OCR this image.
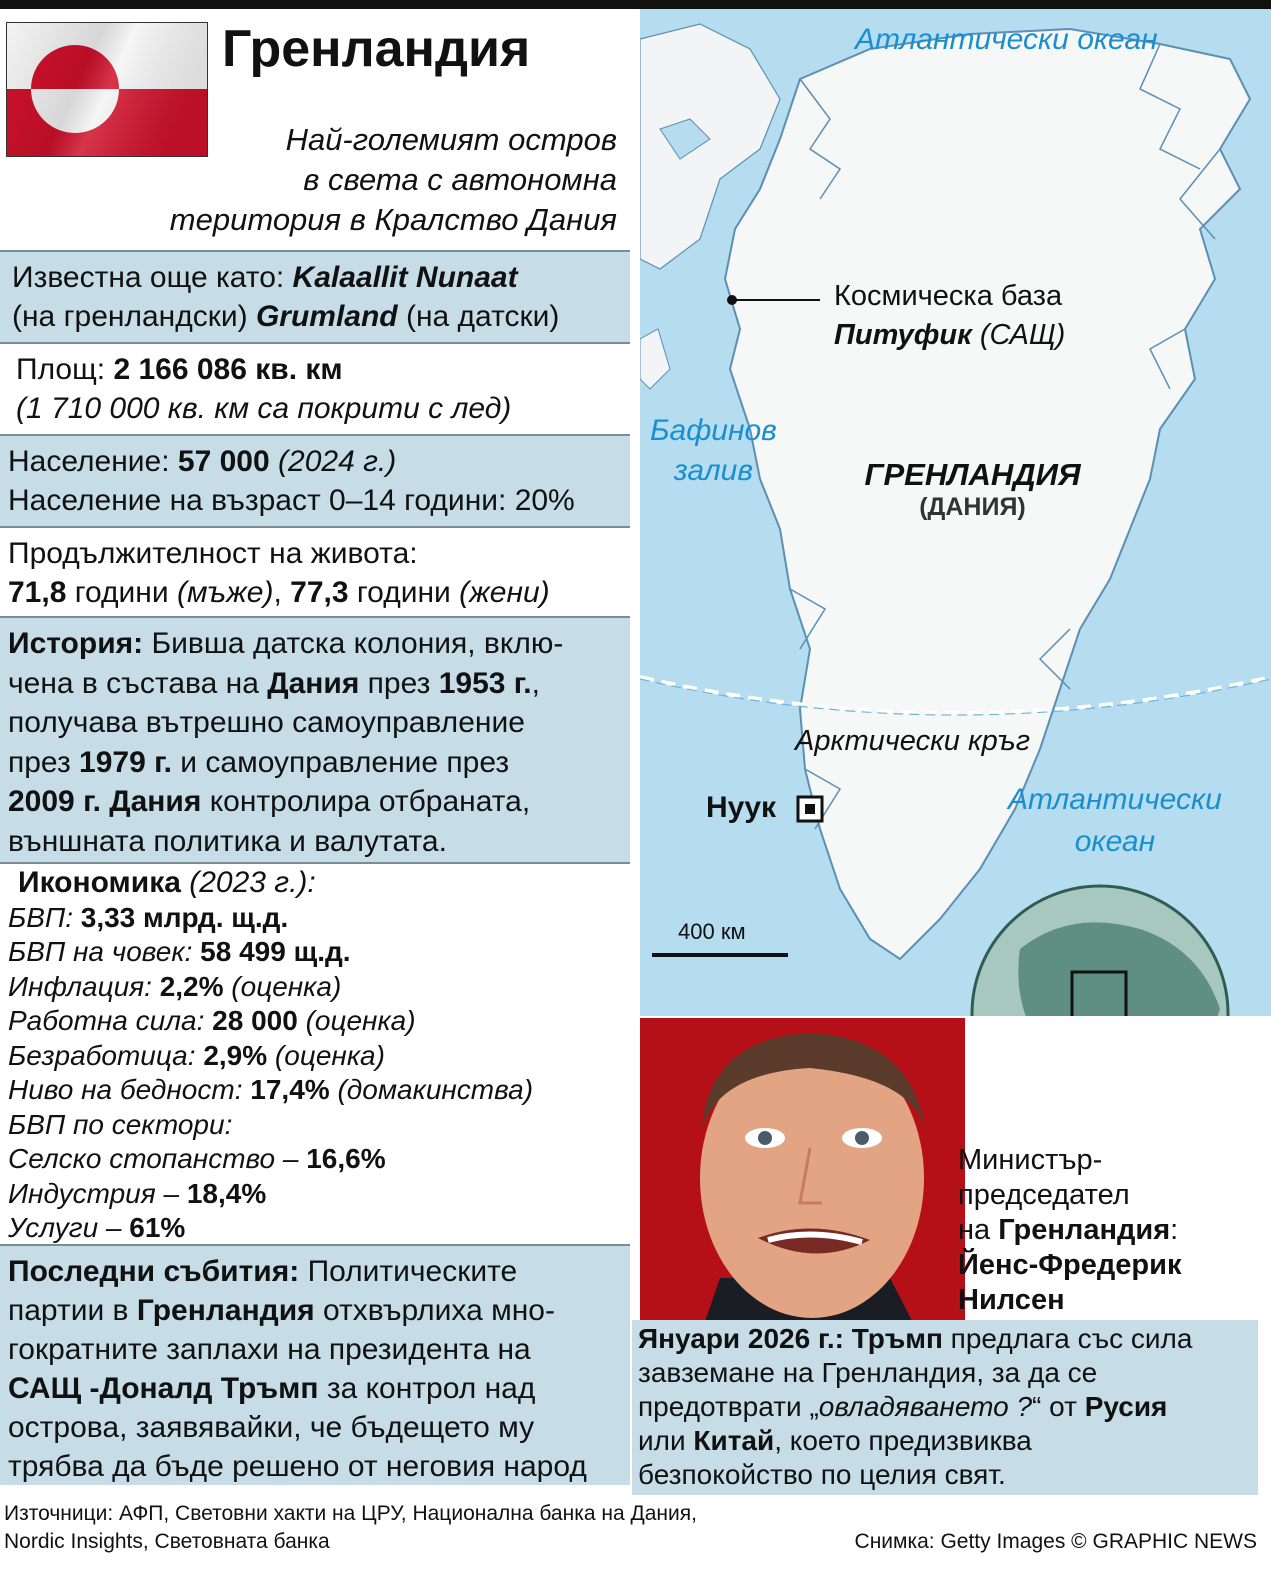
Гренландия
Най-големият остров
в света с автономна
територия в Кралство Дания
Известна още като: Kalaallit Nunaat
(на гренландски) Grumland (на датски)
Площ: 2 166 086 кв. км
(1 710 000 кв. км са покрити с лед)
Население: 57 000 (2024 г.)
Население на възраст 0–14 години: 20%
Продължителност на живота:
71,8 години (мъже), 77,3 години (жени)
История: Бивша датска колония, вклю-
чена в състава на Дания през 1953 г.,
получава вътрешно самоуправление
през 1979 г. и самоуправление през
2009 г. Дания контролира отбраната,
външната политика и валутата.
Икономика (2023 г.):
БВП: 3,33 млрд. щ.д.
БВП на човек: 58 499 щ.д.
Инфлация: 2,2% (оценка)
Работна сила: 28 000 (оценка)
Безработица: 2,9% (оценка)
Ниво на бедност: 17,4% (домакинства)
БВП по сектори:
Селско стопанство – 16,6%
Индустрия – 18,4%
Услуги – 61%
Последни събития: Политическите
партии в Гренландия отхвърлиха мно-
гократните заплахи на президента на
САЩ -Доналд Тръмп за контрол над
острова, заявявайки, че бъдещето му
трябва да бъде решено от неговия народ
Атлантически океан
Космическа база
Питуфик (САЩ)
Бафинов
залив	ГРЕНЛАНДИЯ
(ДАНИЯ)
Арктически кръг
Нуук	Атлантически
океан
400 км
Министър-
председател
на Гренландия:
Йенс-Фредерик
Нилсен
Януари 2026 г.: Тръмп предлага със сила
завземане на Гренландия, за да се
предотврати „овладяването ?“ от Русия
или Китай, което предизвиква
безпокойство по целия свят.
Източници: АФП, Световни хакти на ЦРУ, Национална банка на Дания,
Nordic Insights, Световната банка	Снимка: Getty Images © GRAPHIC NEWS
